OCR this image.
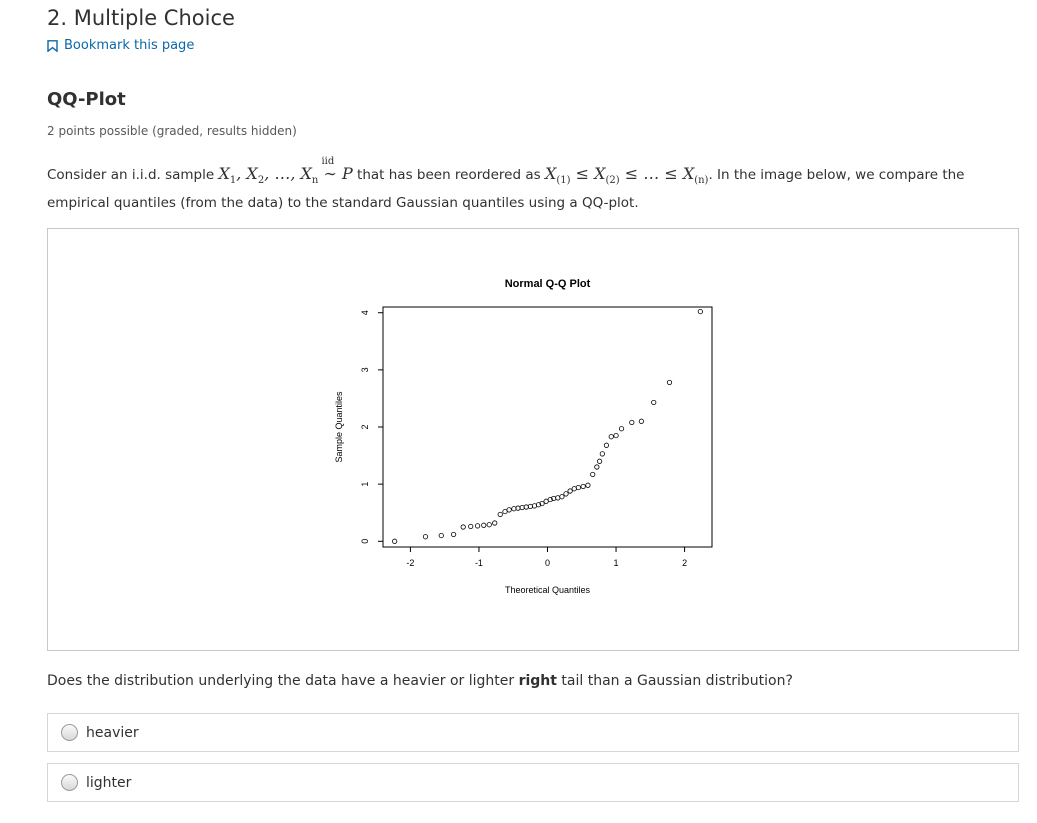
2. Multiple Choice
Bookmark this page
QQ-Plot
2 points possible (graded, results hidden)
Consider an i.i.d. sample $X_1$, $X_2$, …, $X_n$
iid
∼ P that has been reordered as $X_{(1)} \le X_{(2)}$ ≤ … ≤ $X_{(n)}$. In the image below, we compare the empirical quantiles (from the data) to the standard Gaussian quantiles using a QQ-plot.
Normal Q-Q Plot
Theoretical Quantiles
Sample Quantiles
-2	-1	0	1	2
0
1
2
3
4
Does the distribution underlying the data have a heavier or lighter right tail than a Gaussian distribution?
heavier
lighter
